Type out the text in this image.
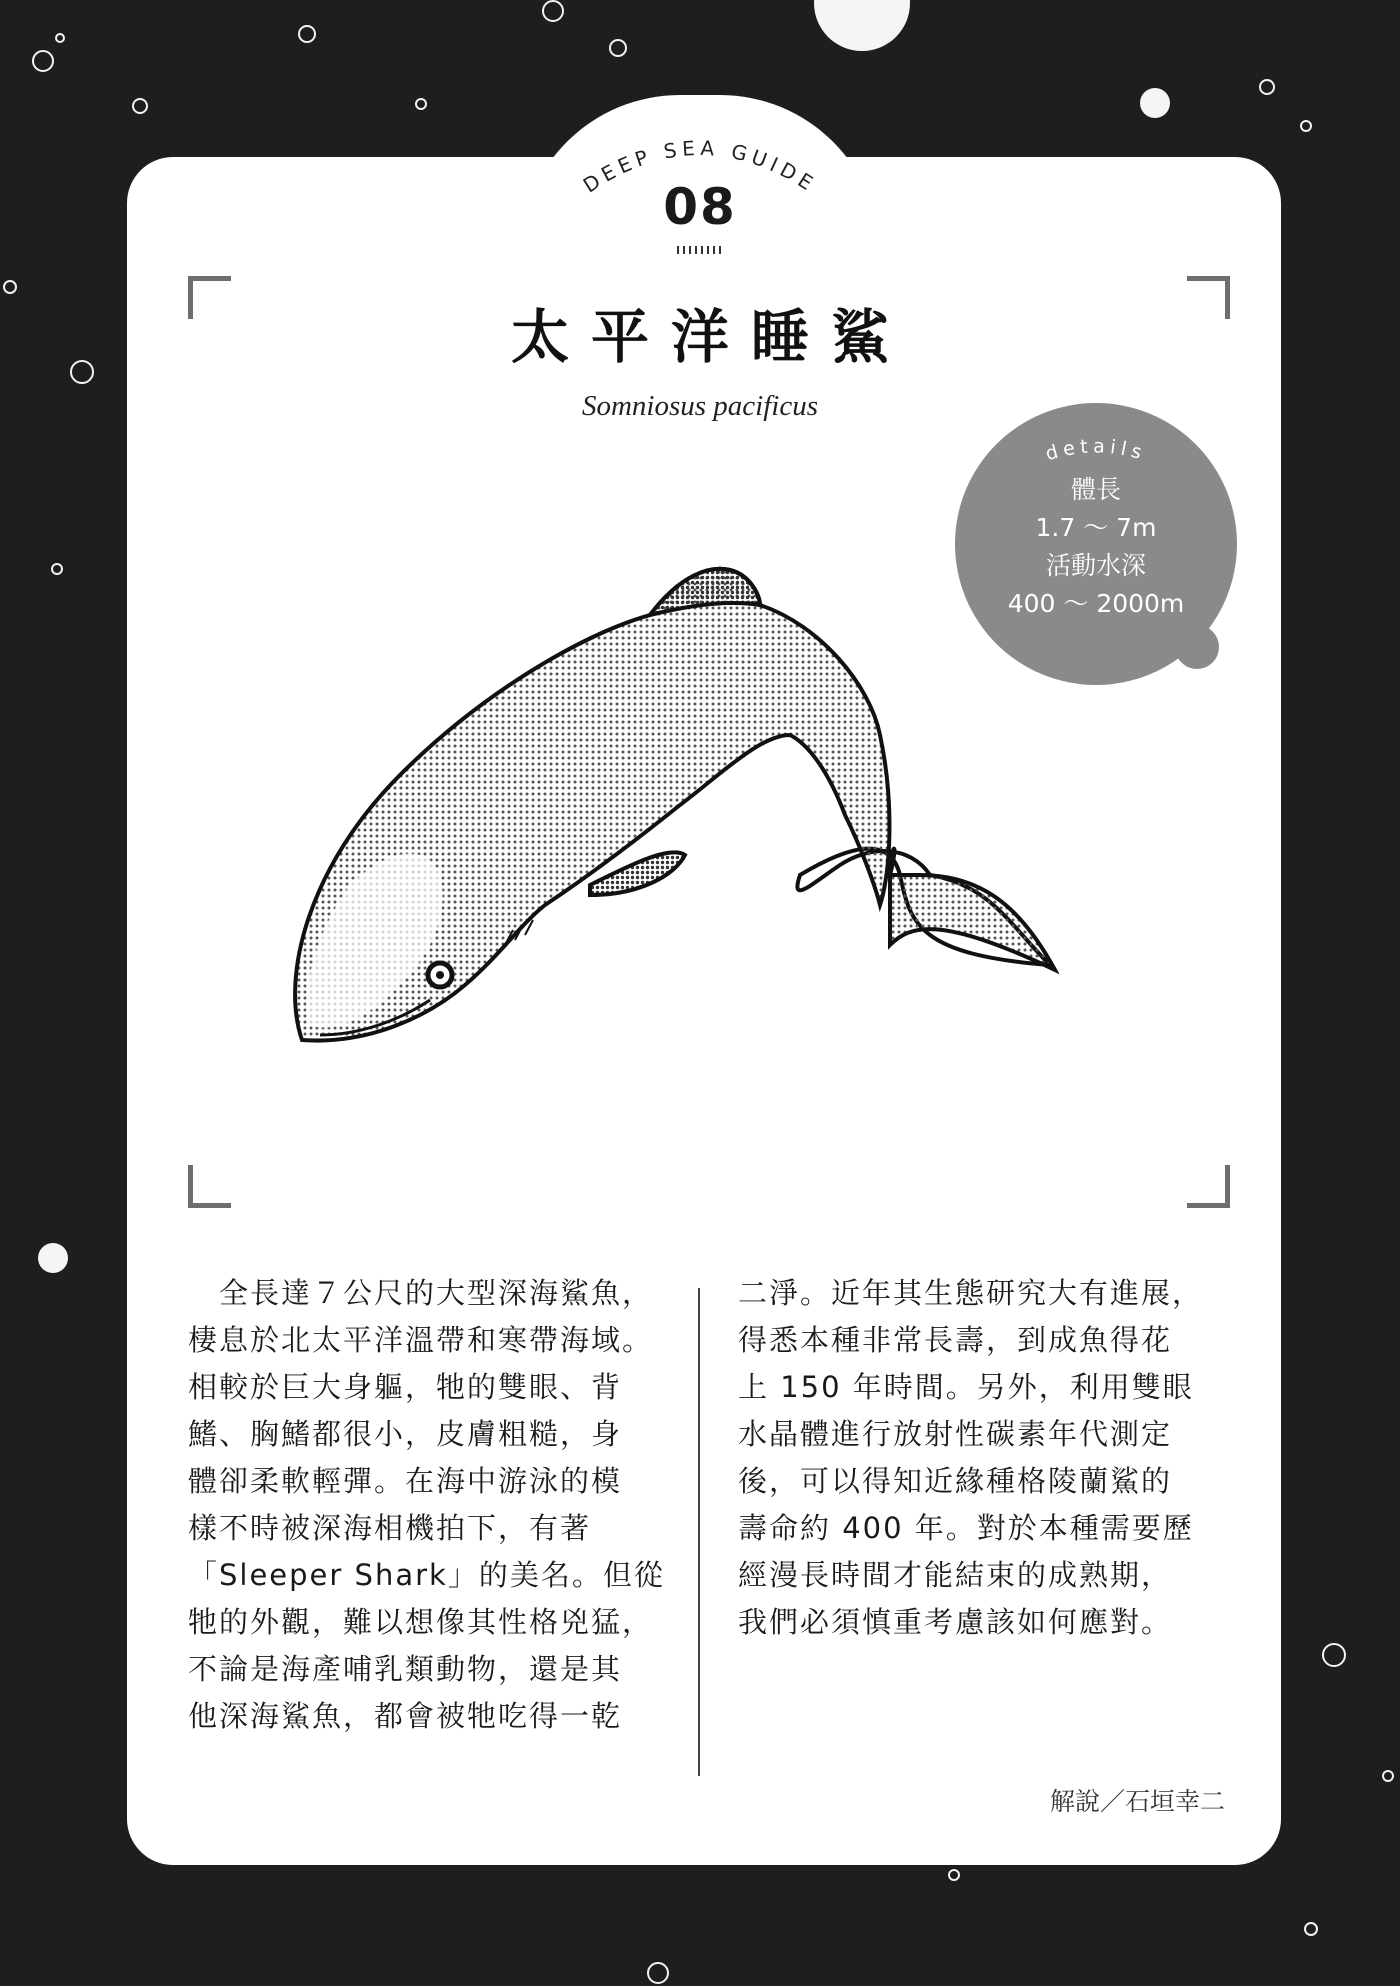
DEEP SEA GUIDE
08
太平洋睡鯊
Somniosus pacificus
details
體長
1.7 〜 7m
活動水深
400 〜 2000m

　全長達７公尺的大型深海鯊魚，

棲息於北太平洋溫帶和寒帶海域。

相較於巨大身軀，牠的雙眼、背

鰭、胸鰭都很小，皮膚粗糙，身

體卻柔軟輕彈。在海中游泳的模

樣不時被深海相機拍下，有著

「Sleeper Shark」的美名。但從

牠的外觀，難以想像其性格兇猛，

不論是海產哺乳類動物，還是其

他深海鯊魚，都會被牠吃得一乾

二淨。近年其生態研究大有進展，

得悉本種非常長壽，到成魚得花

上 150 年時間。另外，利用雙眼

水晶體進行放射性碳素年代測定

後，可以得知近緣種格陵蘭鯊的

壽命約 400 年。對於本種需要歷

經漫長時間才能結束的成熟期，

我們必須慎重考慮該如何應對。

解說／石垣幸二
